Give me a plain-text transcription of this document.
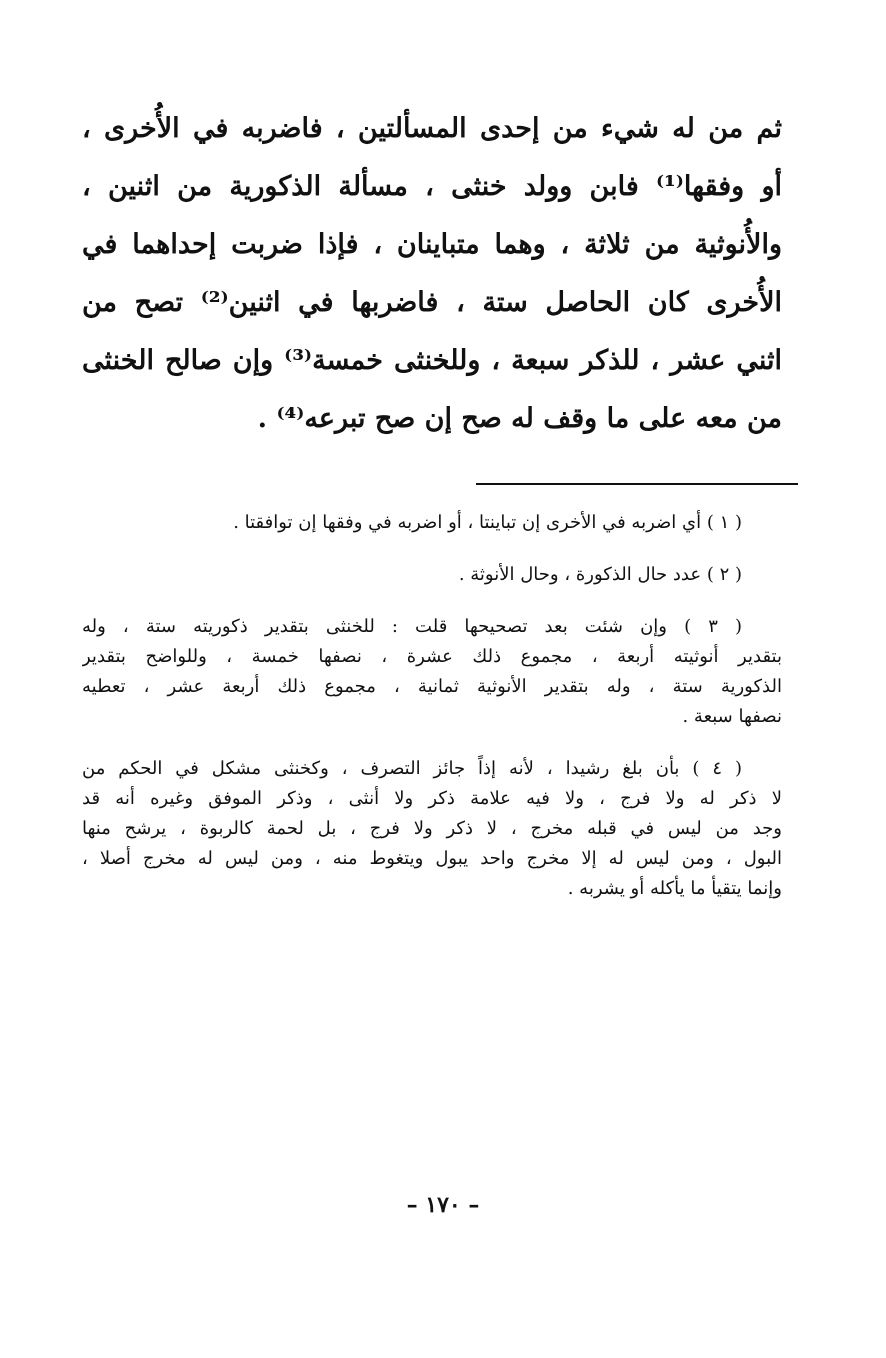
ثم من له شيء من إحدى المسألتين ، فاضربه في الأُخرى ،
أو وفقها⁽¹⁾ فابن وولد خنثى ، مسألة الذكورية من اثنين ،
والأُنوثية من ثلاثة ، وهما متباينان ، فإذا ضربت إحداهما في
الأُخرى كان الحاصل ستة ، فاضربها في اثنين⁽²⁾ تصح من
اثني عشر ، للذكر سبعة ، وللخنثى خمسة⁽³⁾ وإن صالح الخنثى
من معه على ما وقف له صح إن صح تبرعه⁽⁴⁾ .
( ١ ) أي اضربه في الأخرى إن تباينتا ، أو اضربه في وفقها إن توافقتا .
( ٢ ) عدد حال الذكورة ، وحال الأنوثة .
( ٣ ) وإن شئت بعد تصحيحها قلت : للخنثى بتقدير ذكوريته ستة ، وله
بتقدير أنوثيته أربعة ، مجموع ذلك عشرة ، نصفها خمسة ، وللواضح بتقدير
الذكورية ستة ، وله بتقدير الأنوثية ثمانية ، مجموع ذلك أربعة عشر ، تعطيه
نصفها سبعة .
( ٤ ) بأن بلغ رشيدا ، لأنه إذاً جائز التصرف ، وكخنثى مشكل في الحكم من
لا ذكر له ولا فرج ، ولا فيه علامة ذكر ولا أنثى ، وذكر الموفق وغيره أنه قد
وجد من ليس في قبله مخرج ، لا ذكر ولا فرج ، بل لحمة كالربوة ، يرشح منها
البول ، ومن ليس له إلا مخرج واحد يبول ويتغوط منه ، ومن ليس له مخرج أصلا ،
وإنما يتقيأ ما يأكله أو يشربه .
– ١٧٠ –
